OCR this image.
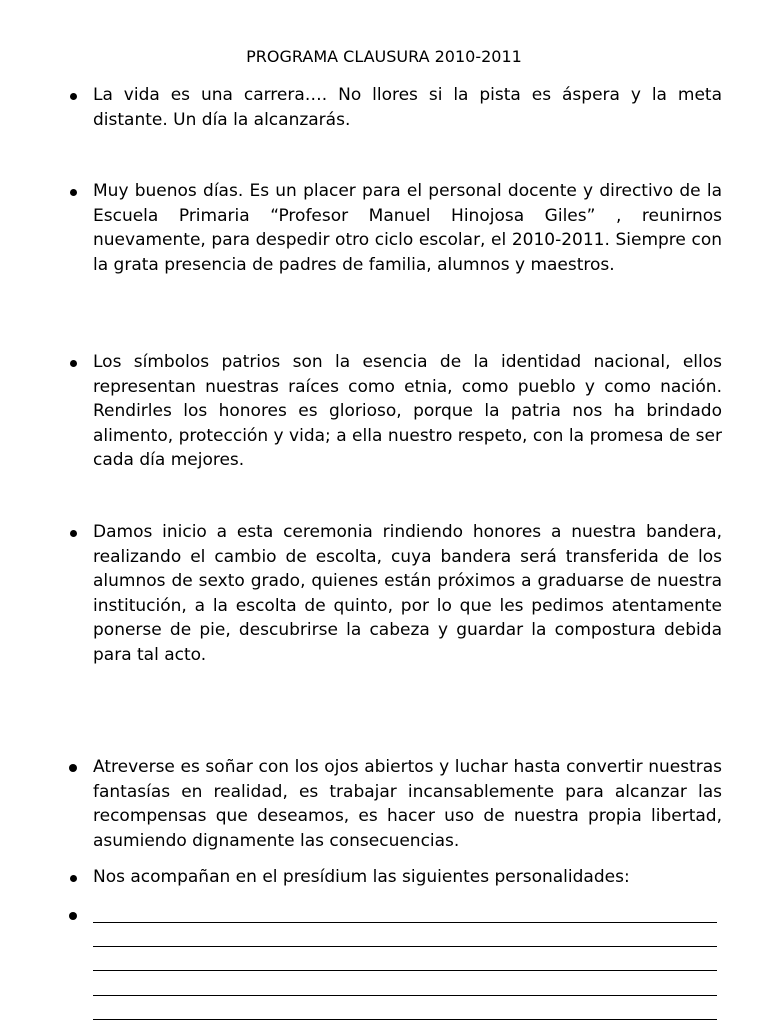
PROGRAMA CLAUSURA 2010-2011
La vida es una carrera…. No llores si la pista es áspera y la meta distante. Un día la alcanzarás.
Muy buenos días. Es un placer para el personal docente y directivo de la Escuela Primaria “Profesor Manuel Hinojosa Giles” , reunirnos nuevamente, para despedir otro ciclo escolar, el 2010-2011. Siempre con la grata presencia de padres de familia, alumnos y maestros.
Los símbolos patrios son la esencia de la identidad nacional, ellos representan nuestras raíces como etnia, como pueblo y como nación. Rendirles los honores es glorioso, porque la patria nos ha brindado alimento, protección y vida; a ella nuestro respeto, con la promesa de ser cada día mejores.
Damos inicio a esta ceremonia rindiendo honores a nuestra bandera, realizando el cambio de escolta, cuya bandera será transferida de los alumnos de sexto grado, quienes están próximos a graduarse de nuestra institución, a la escolta de quinto, por lo que les pedimos atentamente ponerse de pie, descubrirse la cabeza y guardar la compostura debida para tal acto.
Atreverse es soñar con los ojos abiertos y luchar hasta convertir nuestras fantasías en realidad, es trabajar incansablemente para alcanzar las recompensas que deseamos, es hacer uso de nuestra propia libertad, asumiendo dignamente las consecuencias.
Nos acompañan en el presídium las siguientes personalidades:
